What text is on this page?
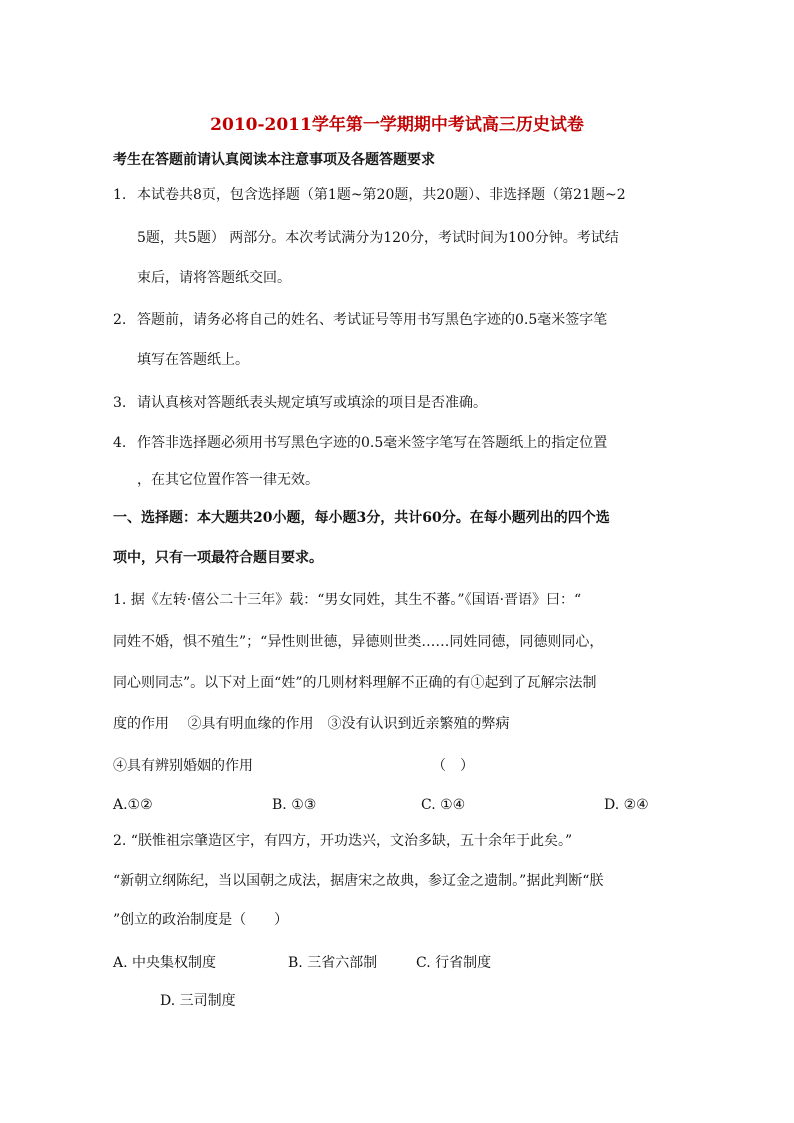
2010-2011学年第一学期期中考试高三历史试卷
考生在答题前请认真阅读本注意事项及各题答题要求
1. 本试卷共8页，包含选择题（第1题~第20题，共20题）、非选择题（第21题~2
5题，共5题） 两部分。本次考试满分为120分，考试时间为100分钟。考试结
束后，请将答题纸交回。
2. 答题前，请务必将自己的姓名、考试证号等用书写黑色字迹的0.5毫米签字笔
填写在答题纸上。
3. 请认真核对答题纸表头规定填写或填涂的项目是否准确。
4. 作答非选择题必须用书写黑色字迹的0.5毫米签字笔写在答题纸上的指定位置
，在其它位置作答一律无效。
一、选择题：本大题共20小题，每小题3分，共计60分。在每小题列出的四个选
项中，只有一项最符合题目要求。
1. 据《左转·僖公二十三年》载：“男女同姓，其生不蕃。”《国语·晋语》曰：“
同姓不婚，惧不殖生”；“异性则世德，异德则世类……同姓同德，同德则同心，
同心则同志”。以下对上面“姓”的几则材料理解不正确的有①起到了瓦解宗法制
度的作用　 ②具有明血缘的作用　③没有认识到近亲繁殖的弊病
④具有辨别婚姻的作用	（　）
A.①②	B. ①③	C. ①④	D. ②④
2. “朕惟祖宗肇造区宇，有四方，开功迭兴，文治多缺，五十余年于此矣。”
“新朝立纲陈纪，当以国朝之成法，据唐宋之故典，参辽金之遗制。”据此判断“朕
”创立的政治制度是（　　）
A. 中央集权制度	B. 三省六部制	C. 行省制度
D. 三司制度
